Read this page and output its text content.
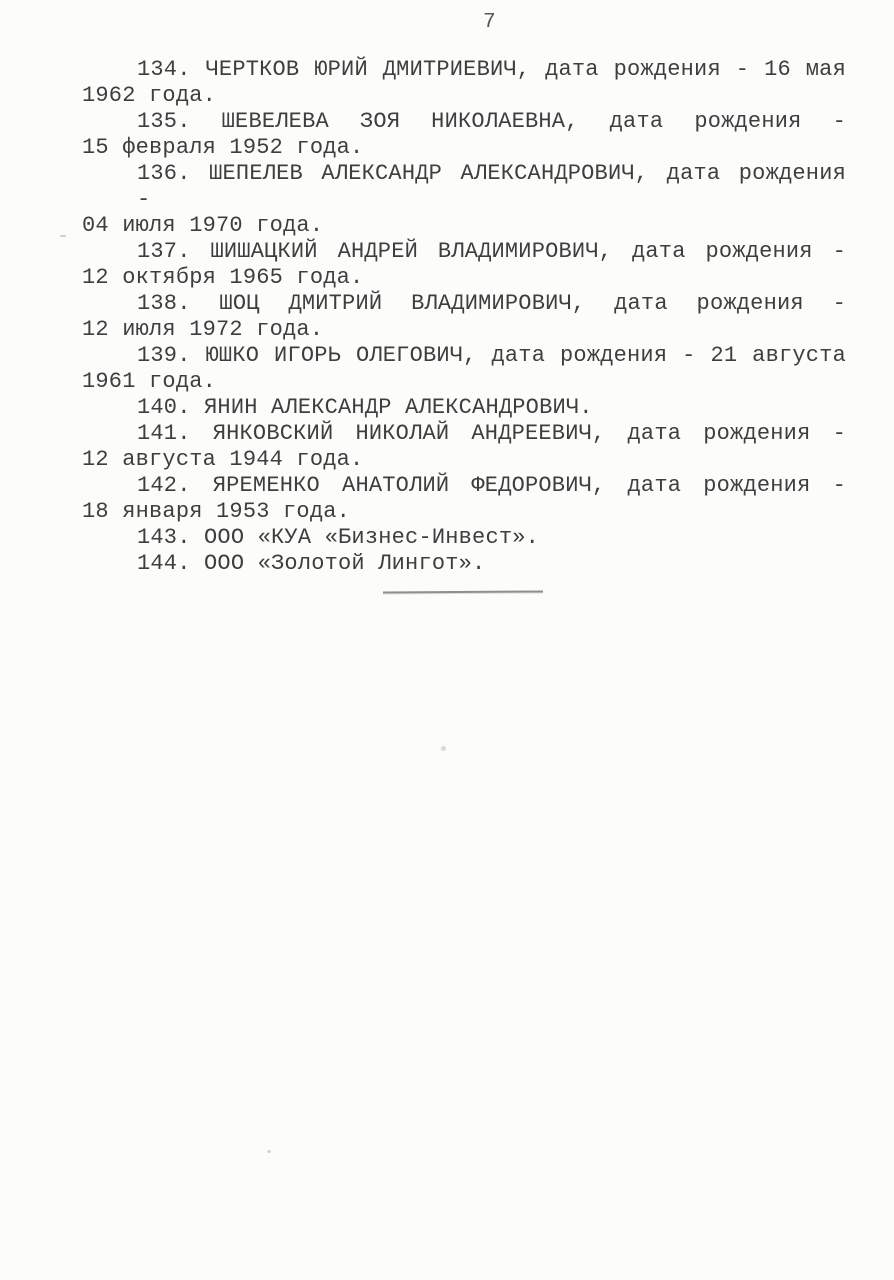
7
134. ЧЕРТКОВ ЮРИЙ ДМИТРИЕВИЧ, дата рождения - 16 мая
1962 года.
135. ШЕВЕЛЕВА ЗОЯ НИКОЛАЕВНА, дата рождения -
15 февраля 1952 года.
136. ШЕПЕЛЕВ АЛЕКСАНДР АЛЕКСАНДРОВИЧ, дата рождения -
04 июля 1970 года.
137. ШИШАЦКИЙ АНДРЕЙ ВЛАДИМИРОВИЧ, дата рождения -
12 октября 1965 года.
138. ШОЦ ДМИТРИЙ ВЛАДИМИРОВИЧ, дата рождения -
12 июля 1972 года.
139. ЮШКО ИГОРЬ ОЛЕГОВИЧ, дата рождения - 21 августа
1961 года.
140. ЯНИН АЛЕКСАНДР АЛЕКСАНДРОВИЧ.
141. ЯНКОВСКИЙ НИКОЛАЙ АНДРЕЕВИЧ, дата рождения -
12 августа 1944 года.
142. ЯРЕМЕНКО АНАТОЛИЙ ФЕДОРОВИЧ, дата рождения -
18 января 1953 года.
143. ООО «КУА «Бизнес-Инвест».
144. ООО «Золотой Лингот».
